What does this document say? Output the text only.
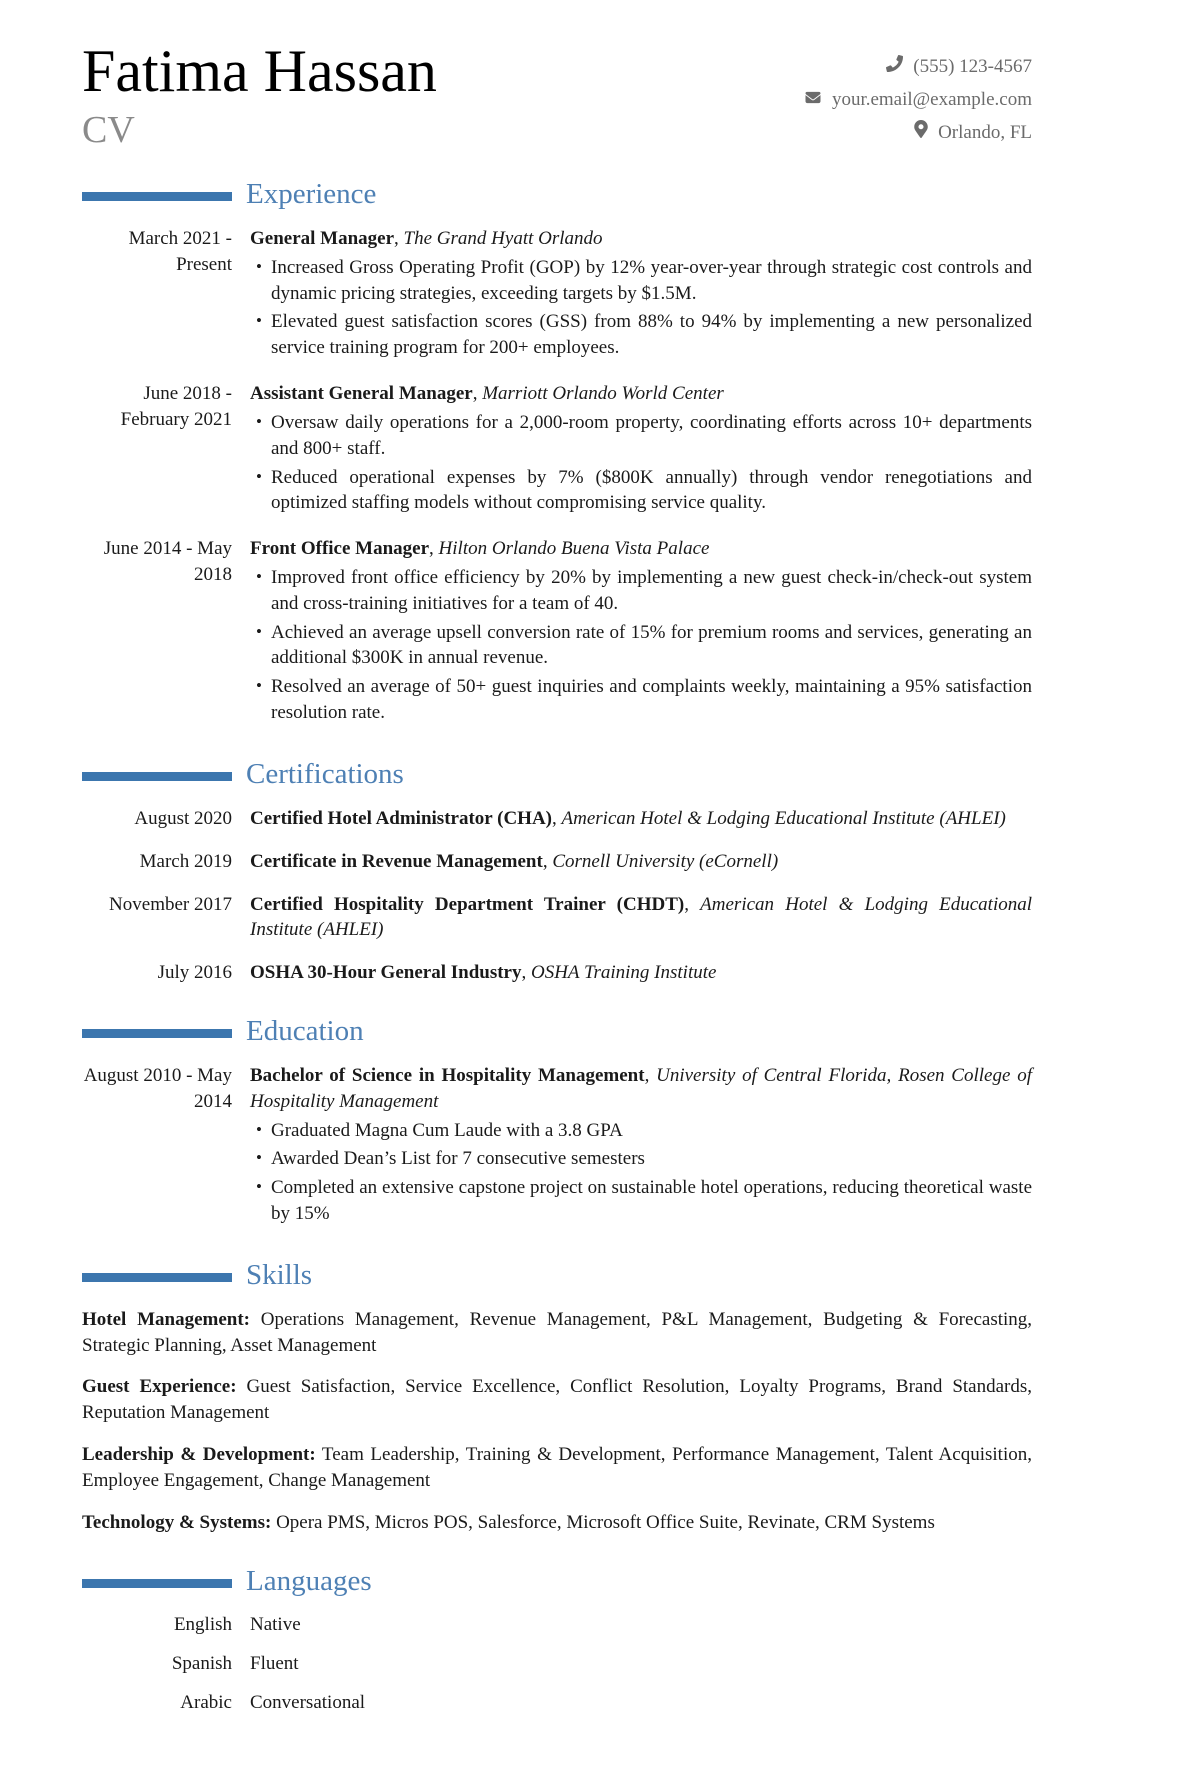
Fatima Hassan
CV
(555) 123-4567
your.email@example.com
Orlando, FL
Experience
March 2021 - Present
General Manager , The Grand Hyatt Orlando
• Increased Gross Operating Profit (GOP) by 12% year-over-year through strategic cost controls and dynamic pricing strategies, exceeding targets by $1.5M.
• Elevated guest satisfaction scores (GSS) from 88% to 94% by implementing a new personalized service training program for 200+ employees.
June 2018 - February 2021
Assistant General Manager , Marriott Orlando World Center
• Oversaw daily operations for a 2,000-room property, coordinating efforts across 10+ departments and 800+ staff.
• Reduced operational expenses by 7% ($800K annually) through vendor renegotiations and optimized staffing models without compromising service quality.
June 2014 - May 2018
Front Office Manager , Hilton Orlando Buena Vista Palace
• Improved front office efficiency by 20% by implementing a new guest check-in/check-out system and cross-training initiatives for a team of 40.
• Achieved an average upsell conversion rate of 15% for premium rooms and services, generating an additional $300K in annual revenue.
• Resolved an average of 50+ guest inquiries and complaints weekly, maintaining a 95% satisfaction resolution rate.
Certifications
August 2020 Certified Hotel Administrator (CHA) , American Hotel & Lodging Educational Institute (AHLEI)
March 2019 Certificate in Revenue Management , Cornell University (eCornell)
November 2017 Certified Hospitality Department Trainer (CHDT) , American Hotel & Lodging Educational Institute (AHLEI)
July 2016 OSHA 30-Hour General Industry , OSHA Training Institute
Education
August 2010 - May 2014
Bachelor of Science in Hospitality Management , University of Central Florida, Rosen College of Hospitality Management
• Graduated Magna Cum Laude with a 3.8 GPA
• Awarded Dean’s List for 7 consecutive semesters
• Completed an extensive capstone project on sustainable hotel operations, reducing theoretical waste by 15%
Skills

Hotel Management: Operations Management, Revenue Management, P&L Management, Budgeting & Forecasting, Strategic Planning, Asset Management

Guest Experience: Guest Satisfaction, Service Excellence, Conflict Resolution, Loyalty Programs, Brand Standards, Reputation Management

Leadership & Development: Team Leadership, Training & Development, Performance Management, Talent Acquisition, Employee Engagement, Change Management

Technology & Systems: Opera PMS, Micros POS, Salesforce, Microsoft Office Suite, Revinate, CRM Systems

Languages
English Native
Spanish Fluent
Arabic Conversational
